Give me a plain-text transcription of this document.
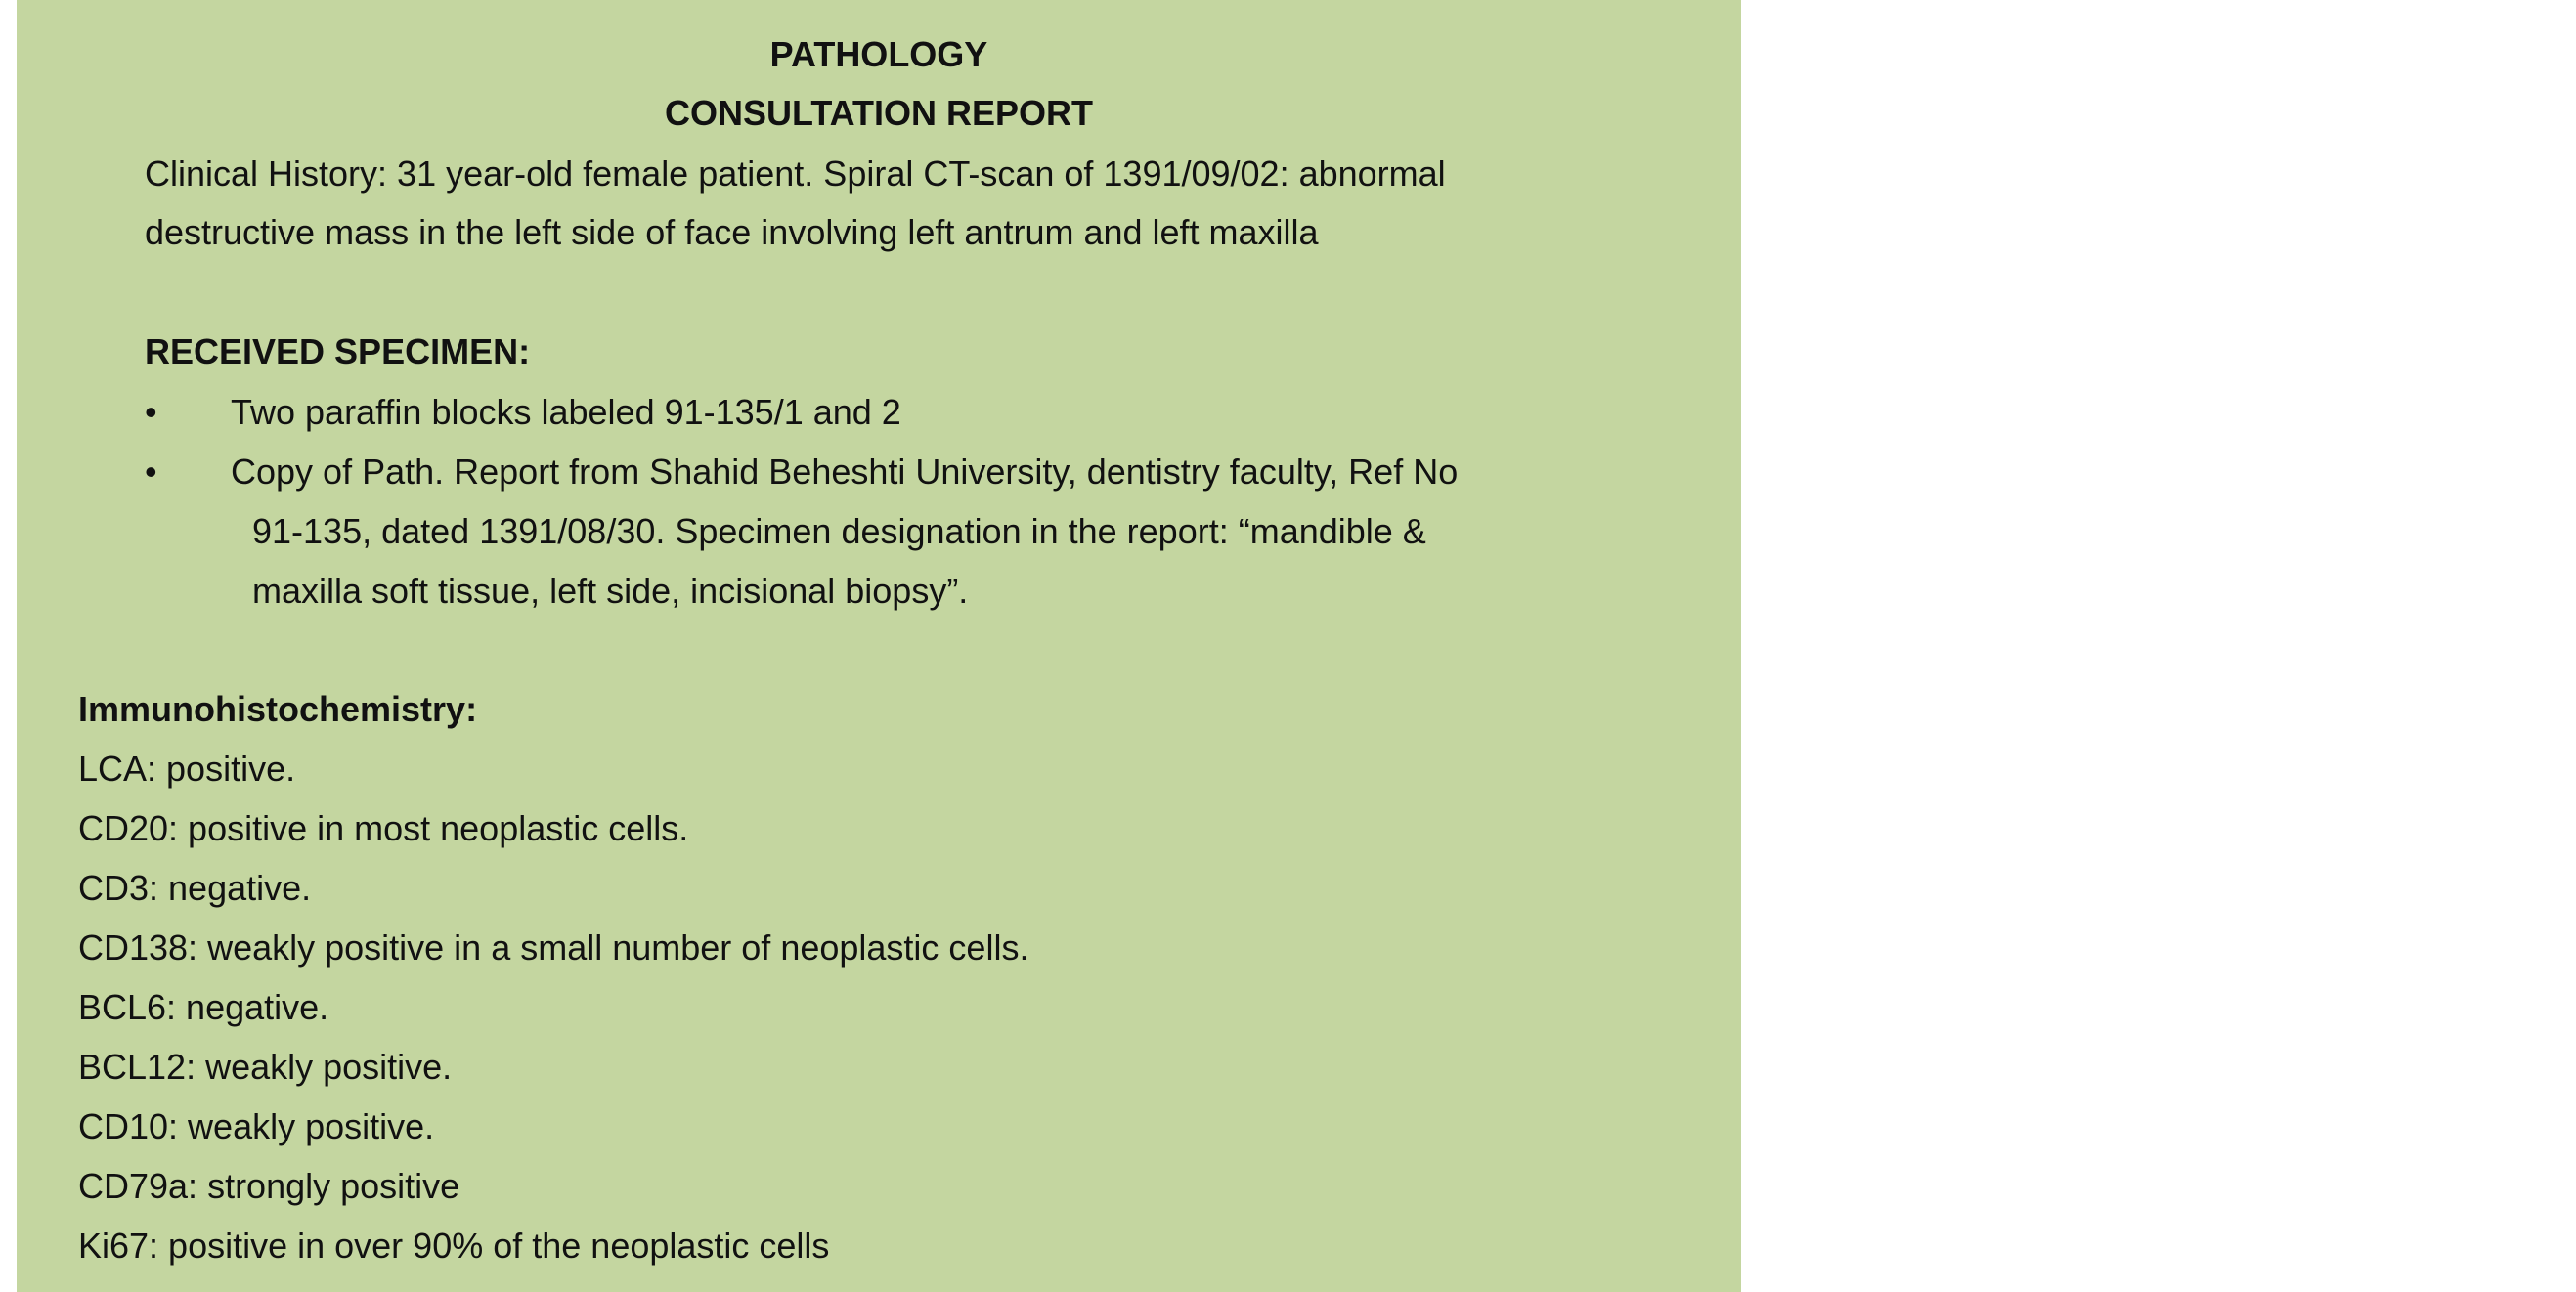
PATHOLOGY
CONSULTATION REPORT
Clinical History: 31 year-old female patient. Spiral CT-scan of 1391/09/02: abnormal
destructive mass in the left side of face involving left antrum and left maxilla
RECEIVED SPECIMEN:
• Two paraffin blocks labeled 91-135/1 and 2
• Copy of Path. Report from Shahid Beheshti University, dentistry faculty, Ref No
91-135, dated 1391/08/30. Specimen designation in the report: “mandible &
maxilla soft tissue, left side, incisional biopsy”.
Immunohistochemistry:
LCA: positive.
CD20: positive in most neoplastic cells.
CD3: negative.
CD138: weakly positive in a small number of neoplastic cells.
BCL6: negative.
BCL12: weakly positive.
CD10: weakly positive.
CD79a: strongly positive
Ki67: positive in over 90% of the neoplastic cells
